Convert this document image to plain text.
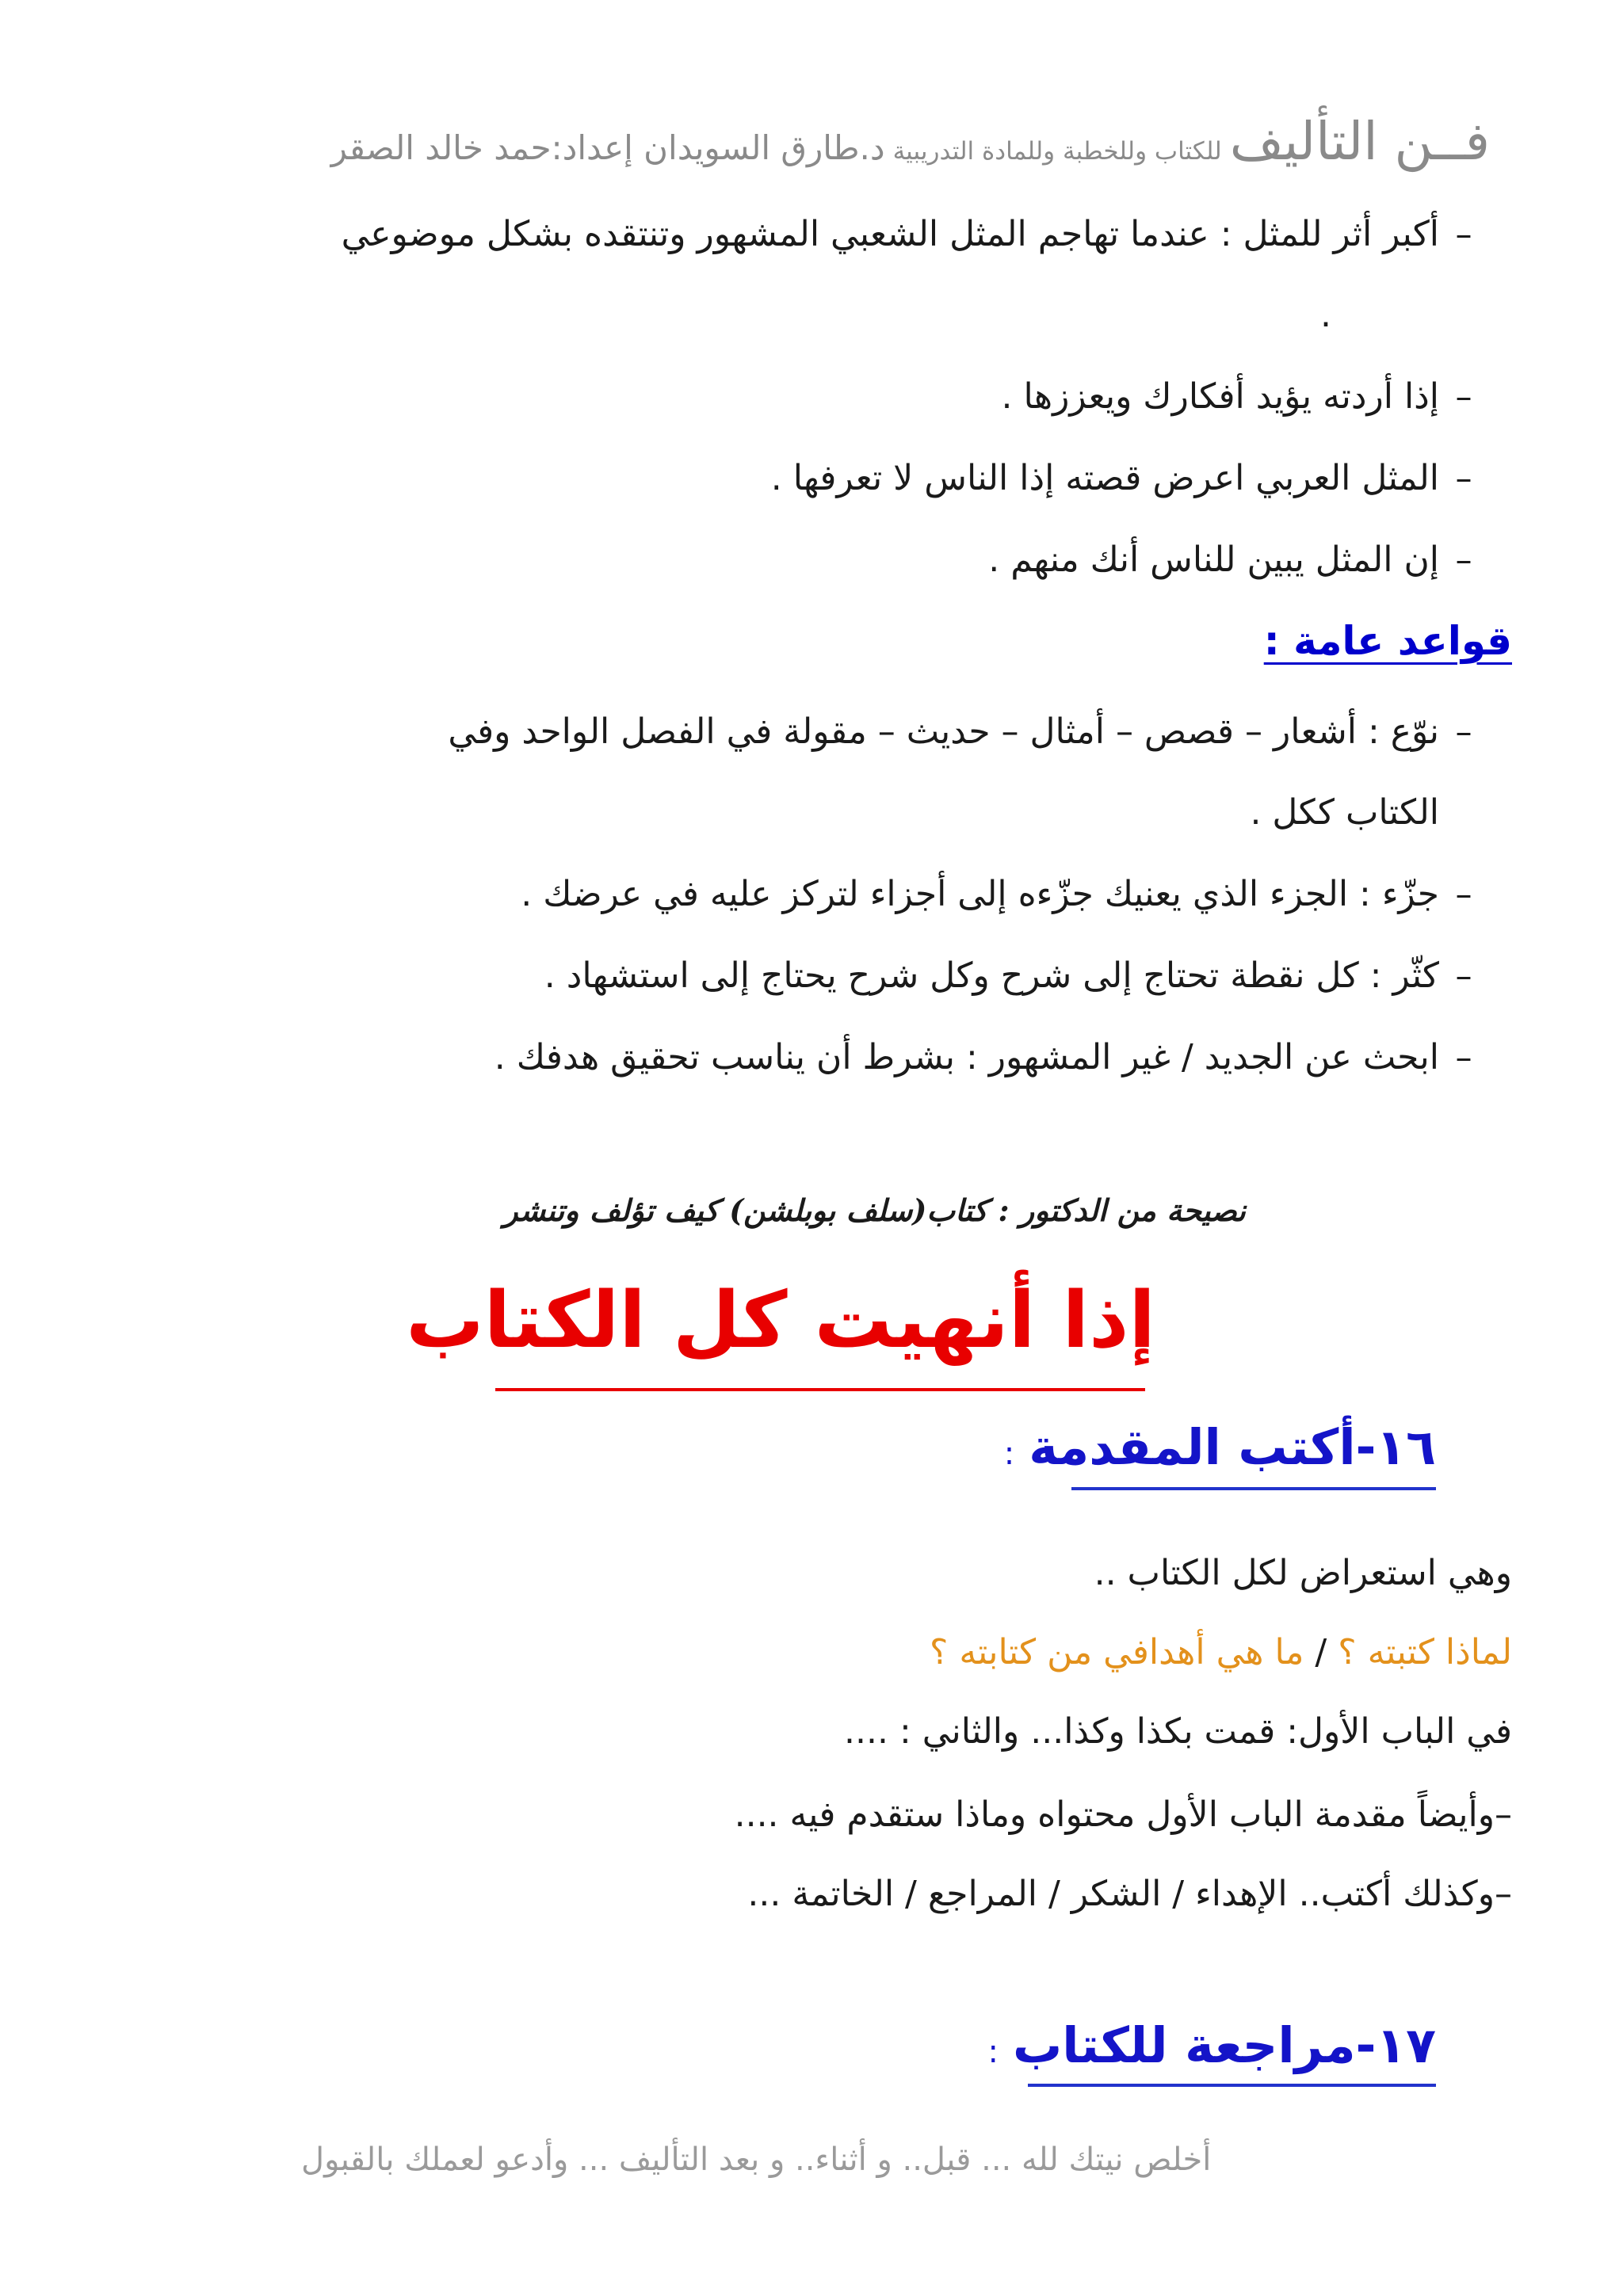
فــن التأليف
للكتاب وللخطبة وللمادة التدريبية
د.طارق السويدان إعداد:حمد خالد الصقر
–
أكبر أثر للمثل : عندما تهاجم المثل الشعبي المشهور وتنتقده بشكل موضوعي
.
–
إذا أردته يؤيد أفكارك ويعززها .
–
المثل العربي اعرض قصته إذا الناس لا تعرفها .
–
إن المثل يبين للناس أنك منهم .
قواعد عامة :
–
نوّع : أشعار – قصص – أمثال – حديث – مقولة في الفصل الواحد وفي
الكتاب ككل .
–
جزّء : الجزء الذي يعنيك جزّءه إلى أجزاء لتركز عليه في عرضك .
–
كثّر : كل نقطة تحتاج إلى شرح وكل شرح يحتاج إلى استشهاد .
–
ابحث عن الجديد / غير المشهور : بشرط أن يناسب تحقيق هدفك .
نصيحة من الدكتور : كتاب(سلف بوبلشن) كيف تؤلف وتنشر
إذا أنهيت كل الكتاب
١٦-أكتب المقدمة
:
وهي استعراض لكل الكتاب ..
لماذا كتبته ؟ / ما هي أهدافي من كتابته ؟
في الباب الأول: قمت بكذا وكذا... والثاني : ....
–وأيضاً مقدمة الباب الأول محتواه وماذا ستقدم فيه ....
–وكذلك أكتب.. الإهداء / الشكر / المراجع / الخاتمة ...
١٧-مراجعة للكتاب
:
أخلص نيتك لله ... قبل.. و أثناء.. و بعد التأليف ... وأدعو لعملك بالقبول
